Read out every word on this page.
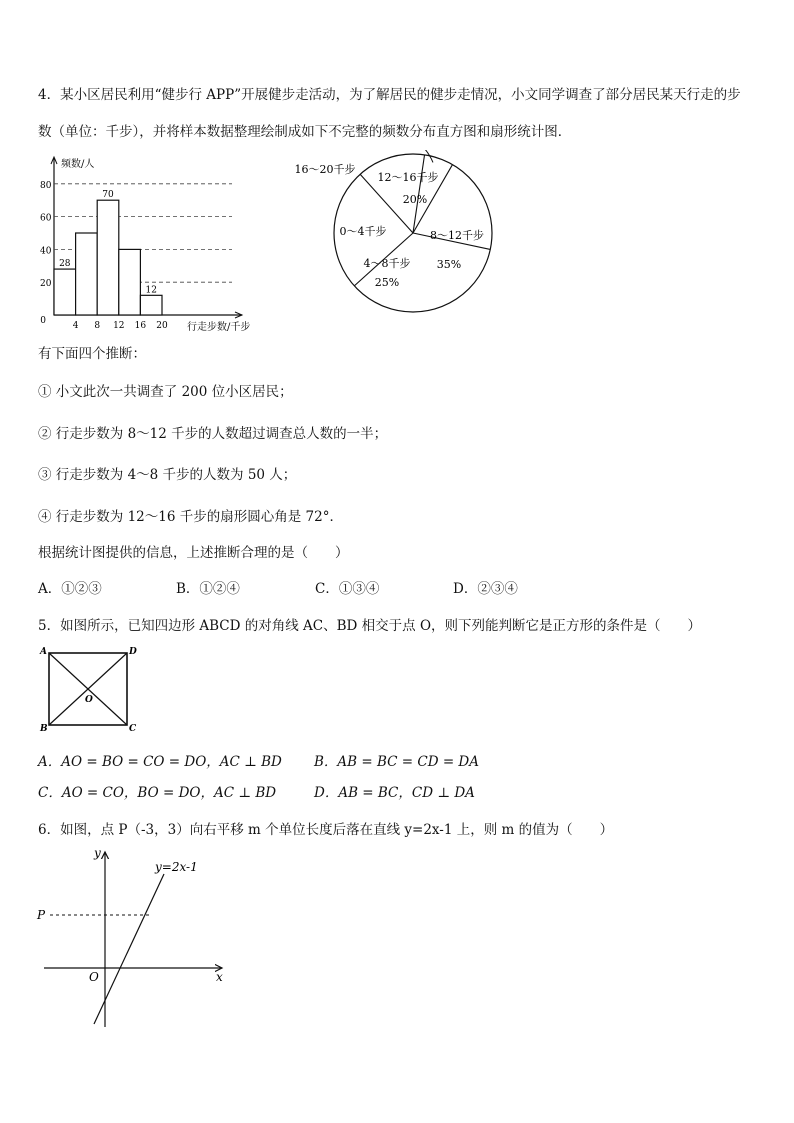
4．某小区居民利用“健步行 APP”开展健步走活动，为了解居民的健步走情况，小文同学调查了部分居民某天行走的步
数（单位：千步），并将样本数据整理绘制成如下不完整的频数分布直方图和扇形统计图．
20
40
60
80
28
70
12
4 8 12 16 20
0
频数/人
行走步数/千步
12～16千步
20%
8～12千步
35%
4～8千步
25%
0～4千步
16～20千步
有下面四个推断：
① 小文此次一共调查了 200 位小区居民；
② 行走步数为 8～12 千步的人数超过调查总人数的一半；
③ 行走步数为 4～8 千步的人数为 50 人；
④ 行走步数为 12～16 千步的扇形圆心角是 72°．
根据统计图提供的信息，上述推断合理的是（　　）
A．①②③	B．①②④	C．①③④	D．②③④
5．如图所示，已知四边形 ABCD 的对角线 AC、BD 相交于点 O，则下列能判断它是正方形的条件是（　　）
A	D
B	C
O
A．AO = BO = CO = DO，AC ⊥ BD B．AB = BC = CD = DA
C．AO = CO，BO = DO，AC ⊥ BD	D．AB = BC，CD ⊥ DA
6．如图，点 P（-3，3）向右平移 m 个单位长度后落在直线 y=2x-1 上，则 m 的值为（　　）
y
x
O
P
y=2x-1
